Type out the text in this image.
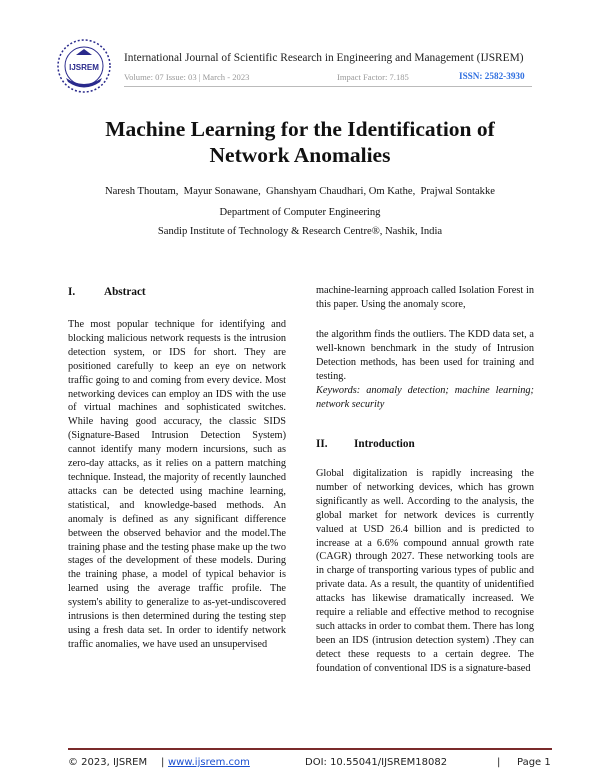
IJSREM
International Journal of Scientific Research in Engineering and Management (IJSREM)
Volume: 07 Issue: 03 | March - 2023	Impact Factor: 7.185	ISSN: 2582-3930
Machine Learning for the Identification of
Network Anomalies
Naresh Thoutam,  Mayur Sonawane,  Ghanshyam Chaudhari, Om Kathe,  Prajwal Sontakke
Department of Computer Engineering
Sandip Institute of Technology & Research Centre®, Nashik, India
I.	Abstract

The most popular technique for identifying and blocking malicious network requests is the intrusion detection system, or IDS for short. They are positioned carefully to keep an eye on network traffic going to and coming from every device. Most networking devices can employ an IDS with the use of virtual machines and sophisticated switches. While having good accuracy, the classic SIDS (Signature-Based Intrusion Detection System) cannot identify many modern incursions, such as zero-day attacks, as it relies on a pattern matching technique. Instead, the majority of recently launched attacks can be detected using machine learning, statistical, and knowledge-based methods. An anomaly is defined as any significant difference between the observed behavior and the model.The training phase and the testing phase make up the two stages of the development of these models. During the training phase, a model of typical behavior is learned using the average traffic profile. The system's ability to generalize to as-yet-undiscovered intrusions is then determined during the testing step using a fresh data set. In order to identify network traffic anomalies, we have used an unsupervised

machine-learning approach called Isolation Forest in this paper. Using the anomaly score,

the algorithm finds the outliers. The KDD data set, a well-known benchmark in the study of Intrusion Detection methods, has been used for training and testing.

Keywords: anomaly detection; machine learning; network security

II. Introduction

Global digitalization is rapidly increasing the number of networking devices, which has grown significantly as well. According to the analysis, the global market for network devices is currently valued at USD 26.4 billion and is predicted to increase at a 6.6% compound annual growth rate (CAGR) through 2027. These networking tools are in charge of transporting various types of public and private data. As a result, the quantity of unidentified attacks has likewise dramatically increased. We require a reliable and effective method to recognise such attacks in order to combat them. There has long been an IDS (intrusion detection system) .They can detect these requests to a certain degree. The foundation of conventional IDS is a signature-based

© 2023, IJSREM | www.ijsrem.com	DOI: 10.55041/IJSREM18082	| Page 1
